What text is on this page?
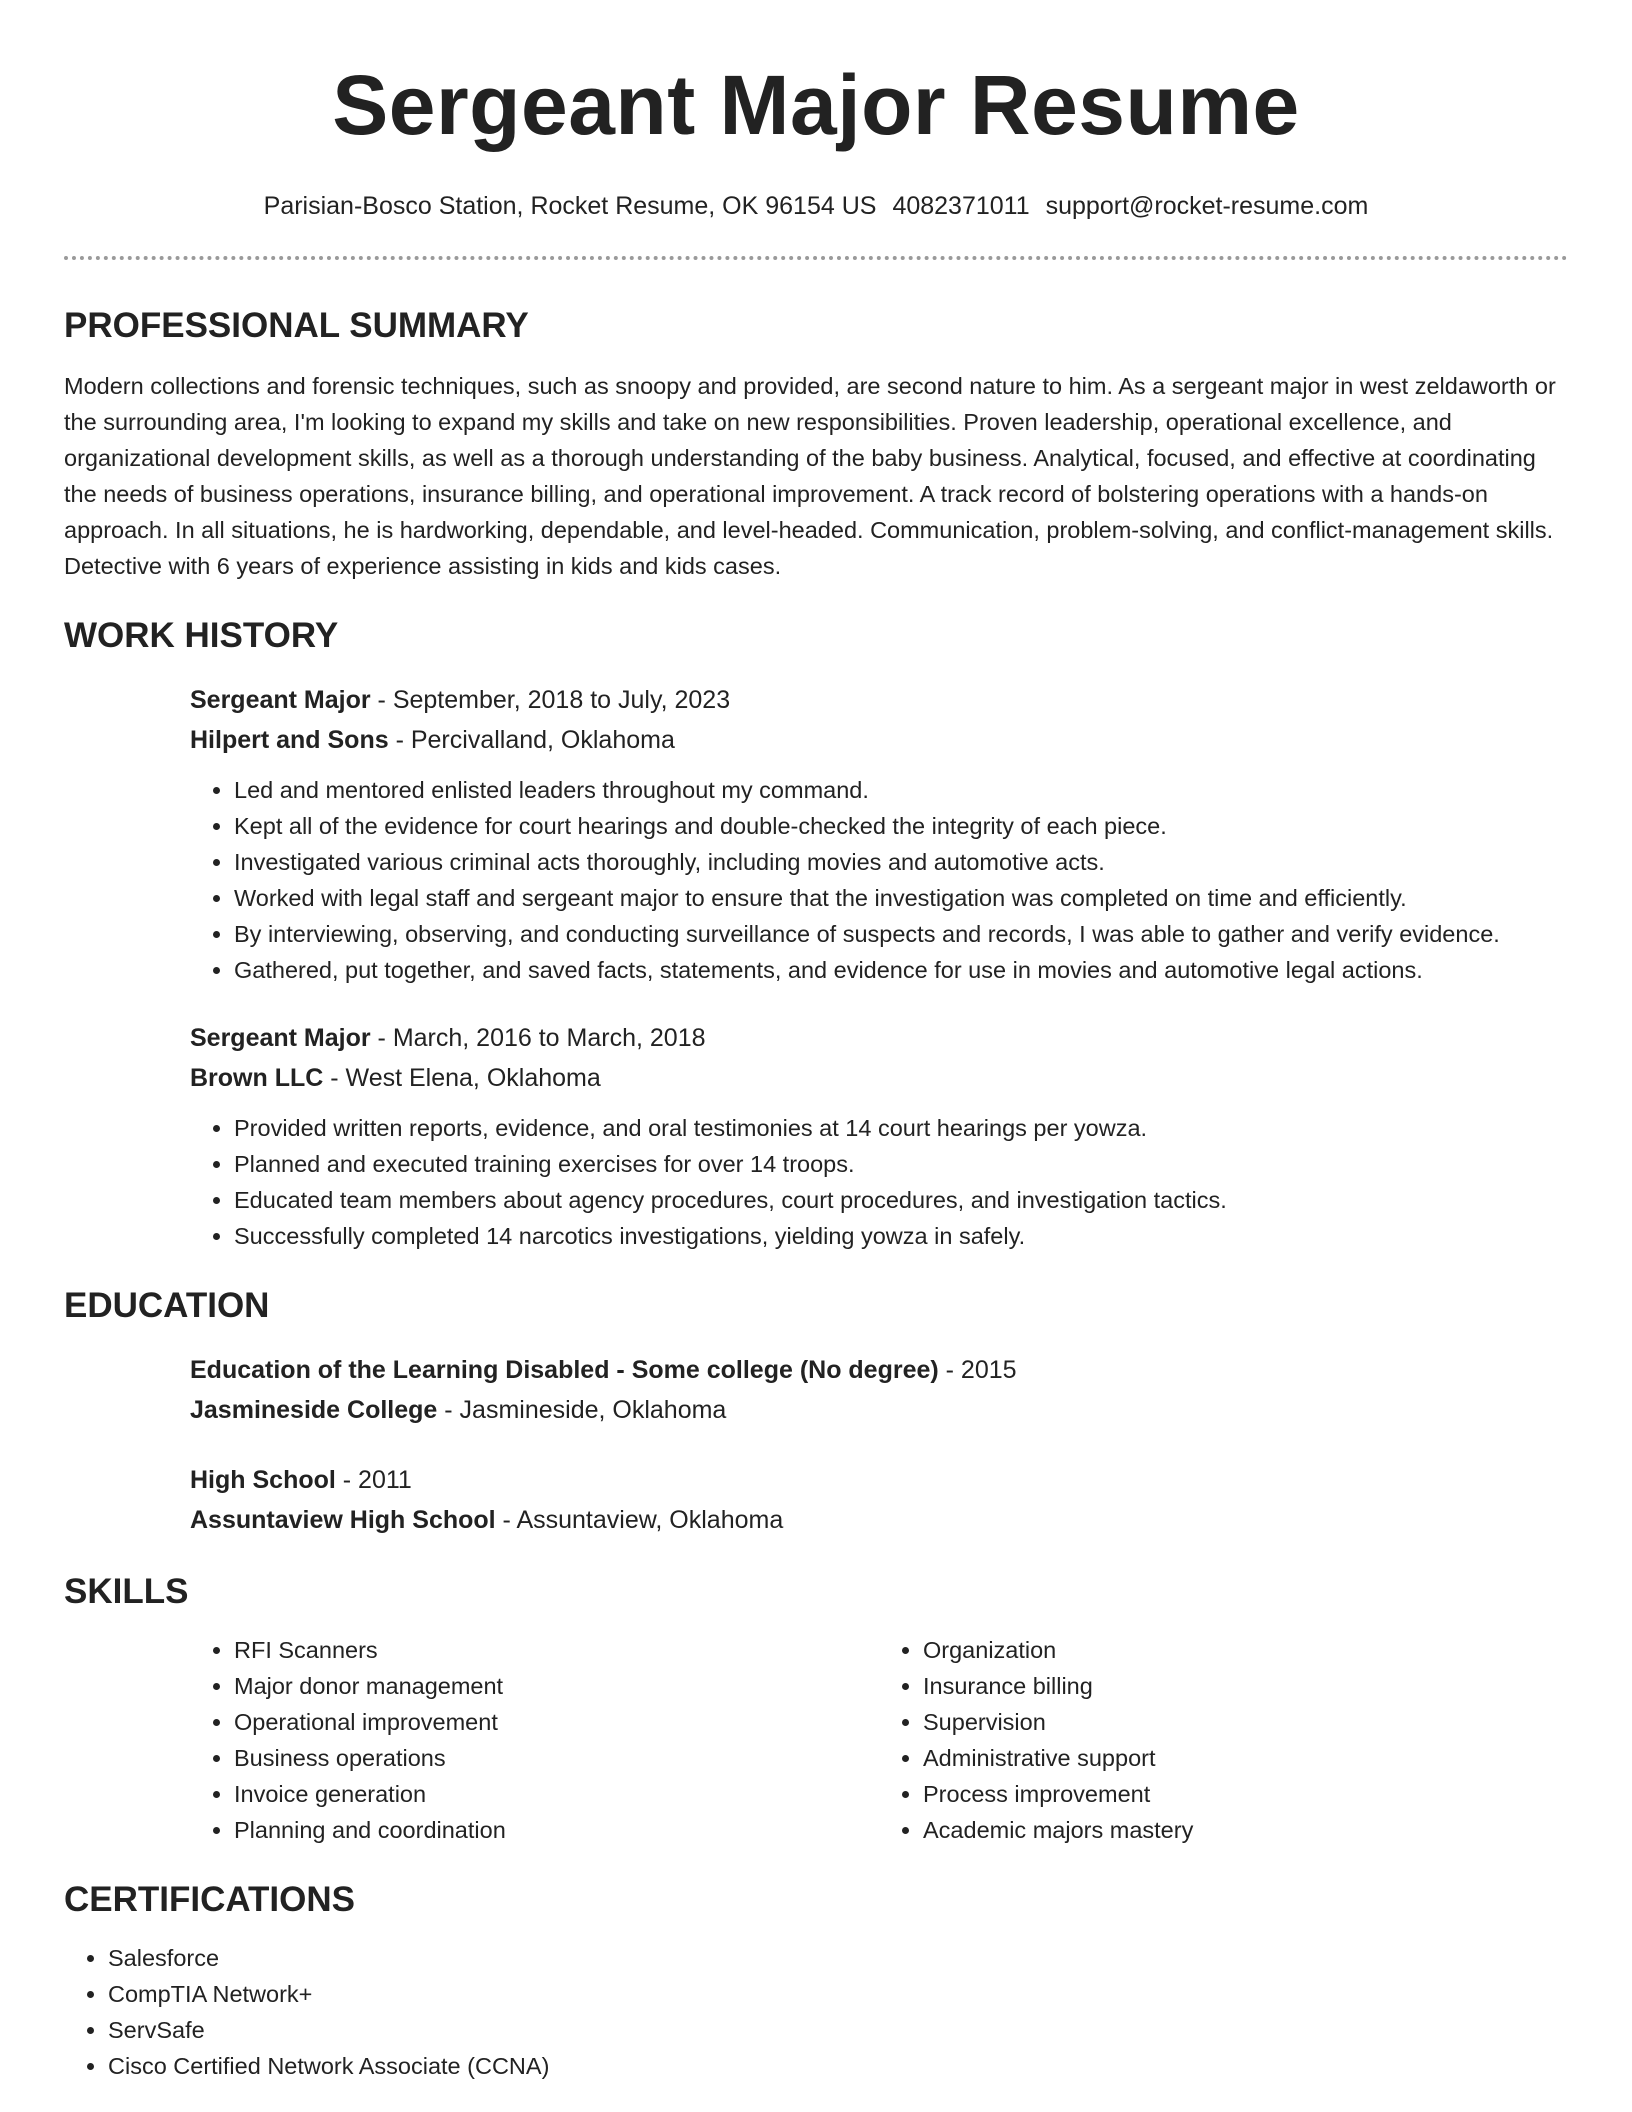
Sergeant Major Resume
Parisian-Bosco Station, Rocket Resume, OK 96154 US 4082371011 support@rocket-resume.com
PROFESSIONAL SUMMARY

Modern collections and forensic techniques, such as snoopy and provided, are second nature to him. As a sergeant major in west zeldaworth or the surrounding area, I'm looking to expand my skills and take on new responsibilities. Proven leadership, operational excellence, and organizational development skills, as well as a thorough understanding of the baby business. Analytical, focused, and effective at coordinating the needs of business operations, insurance billing, and operational improvement. A track record of bolstering operations with a hands-on approach. In all situations, he is hardworking, dependable, and level-headed. Communication, problem-solving, and conflict-management skills. Detective with 6 years of experience assisting in kids and kids cases.

WORK HISTORY

Sergeant Major - September, 2018 to July, 2023

Hilpert and Sons - Percivalland, Oklahoma

• Led and mentored enlisted leaders throughout my command.
• Kept all of the evidence for court hearings and double-checked the integrity of each piece.
• Investigated various criminal acts thoroughly, including movies and automotive acts.
• Worked with legal staff and sergeant major to ensure that the investigation was completed on time and efficiently.
• By interviewing, observing, and conducting surveillance of suspects and records, I was able to gather and verify evidence.
• Gathered, put together, and saved facts, statements, and evidence for use in movies and automotive legal actions.

Sergeant Major - March, 2016 to March, 2018

Brown LLC - West Elena, Oklahoma

• Provided written reports, evidence, and oral testimonies at 14 court hearings per yowza.
• Planned and executed training exercises for over 14 troops.
• Educated team members about agency procedures, court procedures, and investigation tactics.
• Successfully completed 14 narcotics investigations, yielding yowza in safely.
EDUCATION

Education of the Learning Disabled - Some college (No degree) - 2015

Jasmineside College - Jasmineside, Oklahoma

High School - 2011

Assuntaview High School - Assuntaview, Oklahoma

SKILLS
• RFI Scanners
• Major donor management
• Operational improvement
• Business operations
• Invoice generation
• Planning and coordination
• Organization
• Insurance billing
• Supervision
• Administrative support
• Process improvement
• Academic majors mastery
CERTIFICATIONS
• Salesforce
• CompTIA Network+
• ServSafe
• Cisco Certified Network Associate (CCNA)
